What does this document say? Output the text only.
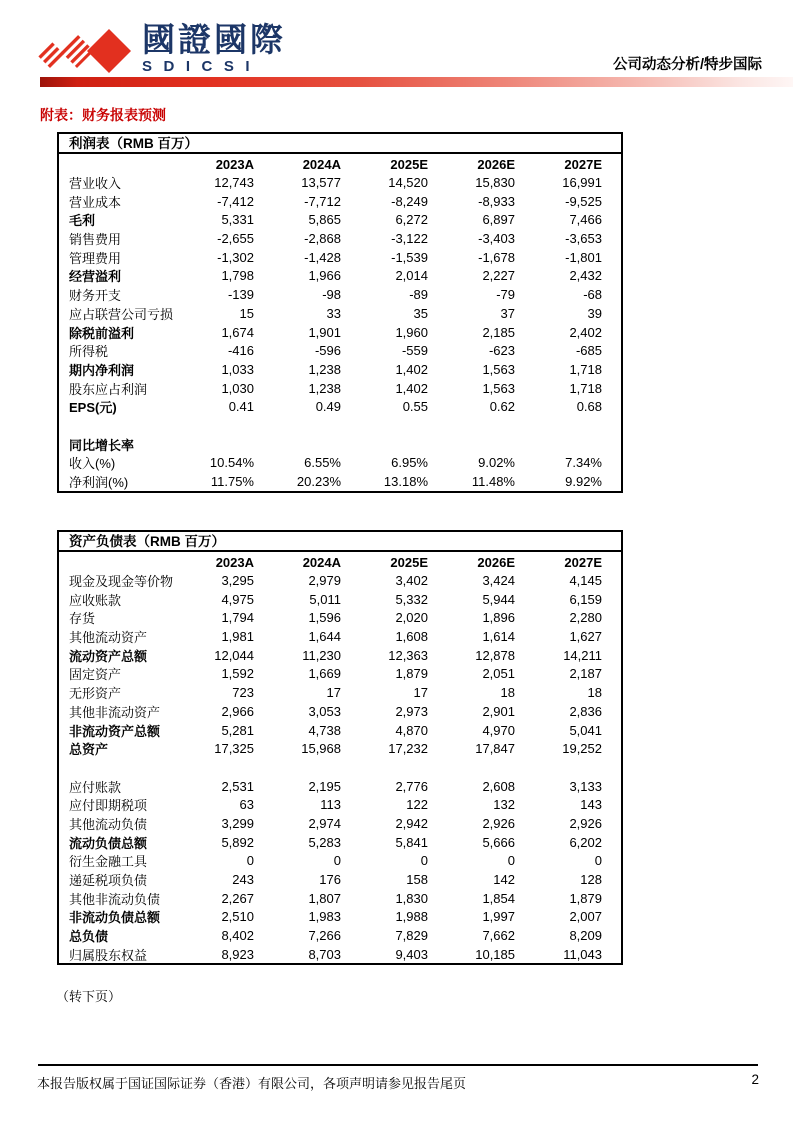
國證國際
SDICSI	公司动态分析/特步国际
附表：财务报表预测
利润表（RMB 百万）
2023A	2024A	2025E	2026E	2027E
营业收入	12,743	13,577	14,520	15,830	16,991
营业成本	-7,412	-7,712	-8,249	-8,933	-9,525
毛利	5,331	5,865	6,272	6,897	7,466
销售费用	-2,655	-2,868	-3,122	-3,403	-3,653
管理费用	-1,302	-1,428	-1,539	-1,678	-1,801
经营溢利	1,798	1,966	2,014	2,227	2,432
财务开支	-139	-98	-89	-79	-68
应占联营公司亏损	15	33	35	37	39
除税前溢利	1,674	1,901	1,960	2,185	2,402
所得税	-416	-596	-559	-623	-685
期内净利润	1,033	1,238	1,402	1,563	1,718
股东应占利润	1,030	1,238	1,402	1,563	1,718
EPS(元)	0.41	0.49	0.55	0.62	0.68
同比增长率
收入(%)	10.54%	6.55%	6.95%	9.02%	7.34%
净利润(%)	11.75%	20.23%	13.18%	11.48%	9.92%
资产负债表（RMB 百万）
2023A	2024A	2025E	2026E	2027E
现金及现金等价物	3,295	2,979	3,402	3,424	4,145
应收账款	4,975	5,011	5,332	5,944	6,159
存货	1,794	1,596	2,020	1,896	2,280
其他流动资产	1,981	1,644	1,608	1,614	1,627
流动资产总额	12,044	11,230	12,363	12,878	14,211
固定资产	1,592	1,669	1,879	2,051	2,187
无形资产	723	17	17	18	18
其他非流动资产	2,966	3,053	2,973	2,901	2,836
非流动资产总额	5,281	4,738	4,870	4,970	5,041
总资产	17,325	15,968	17,232	17,847	19,252
应付账款	2,531	2,195	2,776	2,608	3,133
应付即期税项	63	113	122	132	143
其他流动负债	3,299	2,974	2,942	2,926	2,926
流动负债总额	5,892	5,283	5,841	5,666	6,202
衍生金融工具	0	0	0	0	0
递延税项负债	243	176	158	142	128
其他非流动负债	2,267	1,807	1,830	1,854	1,879
非流动负债总额	2,510	1,983	1,988	1,997	2,007
总负债	8,402	7,266	7,829	7,662	8,209
归属股东权益	8,923	8,703	9,403	10,185	11,043
（转下页）
本报告版权属于国证国际证券（香港）有限公司，各项声明请参见报告尾页	2
